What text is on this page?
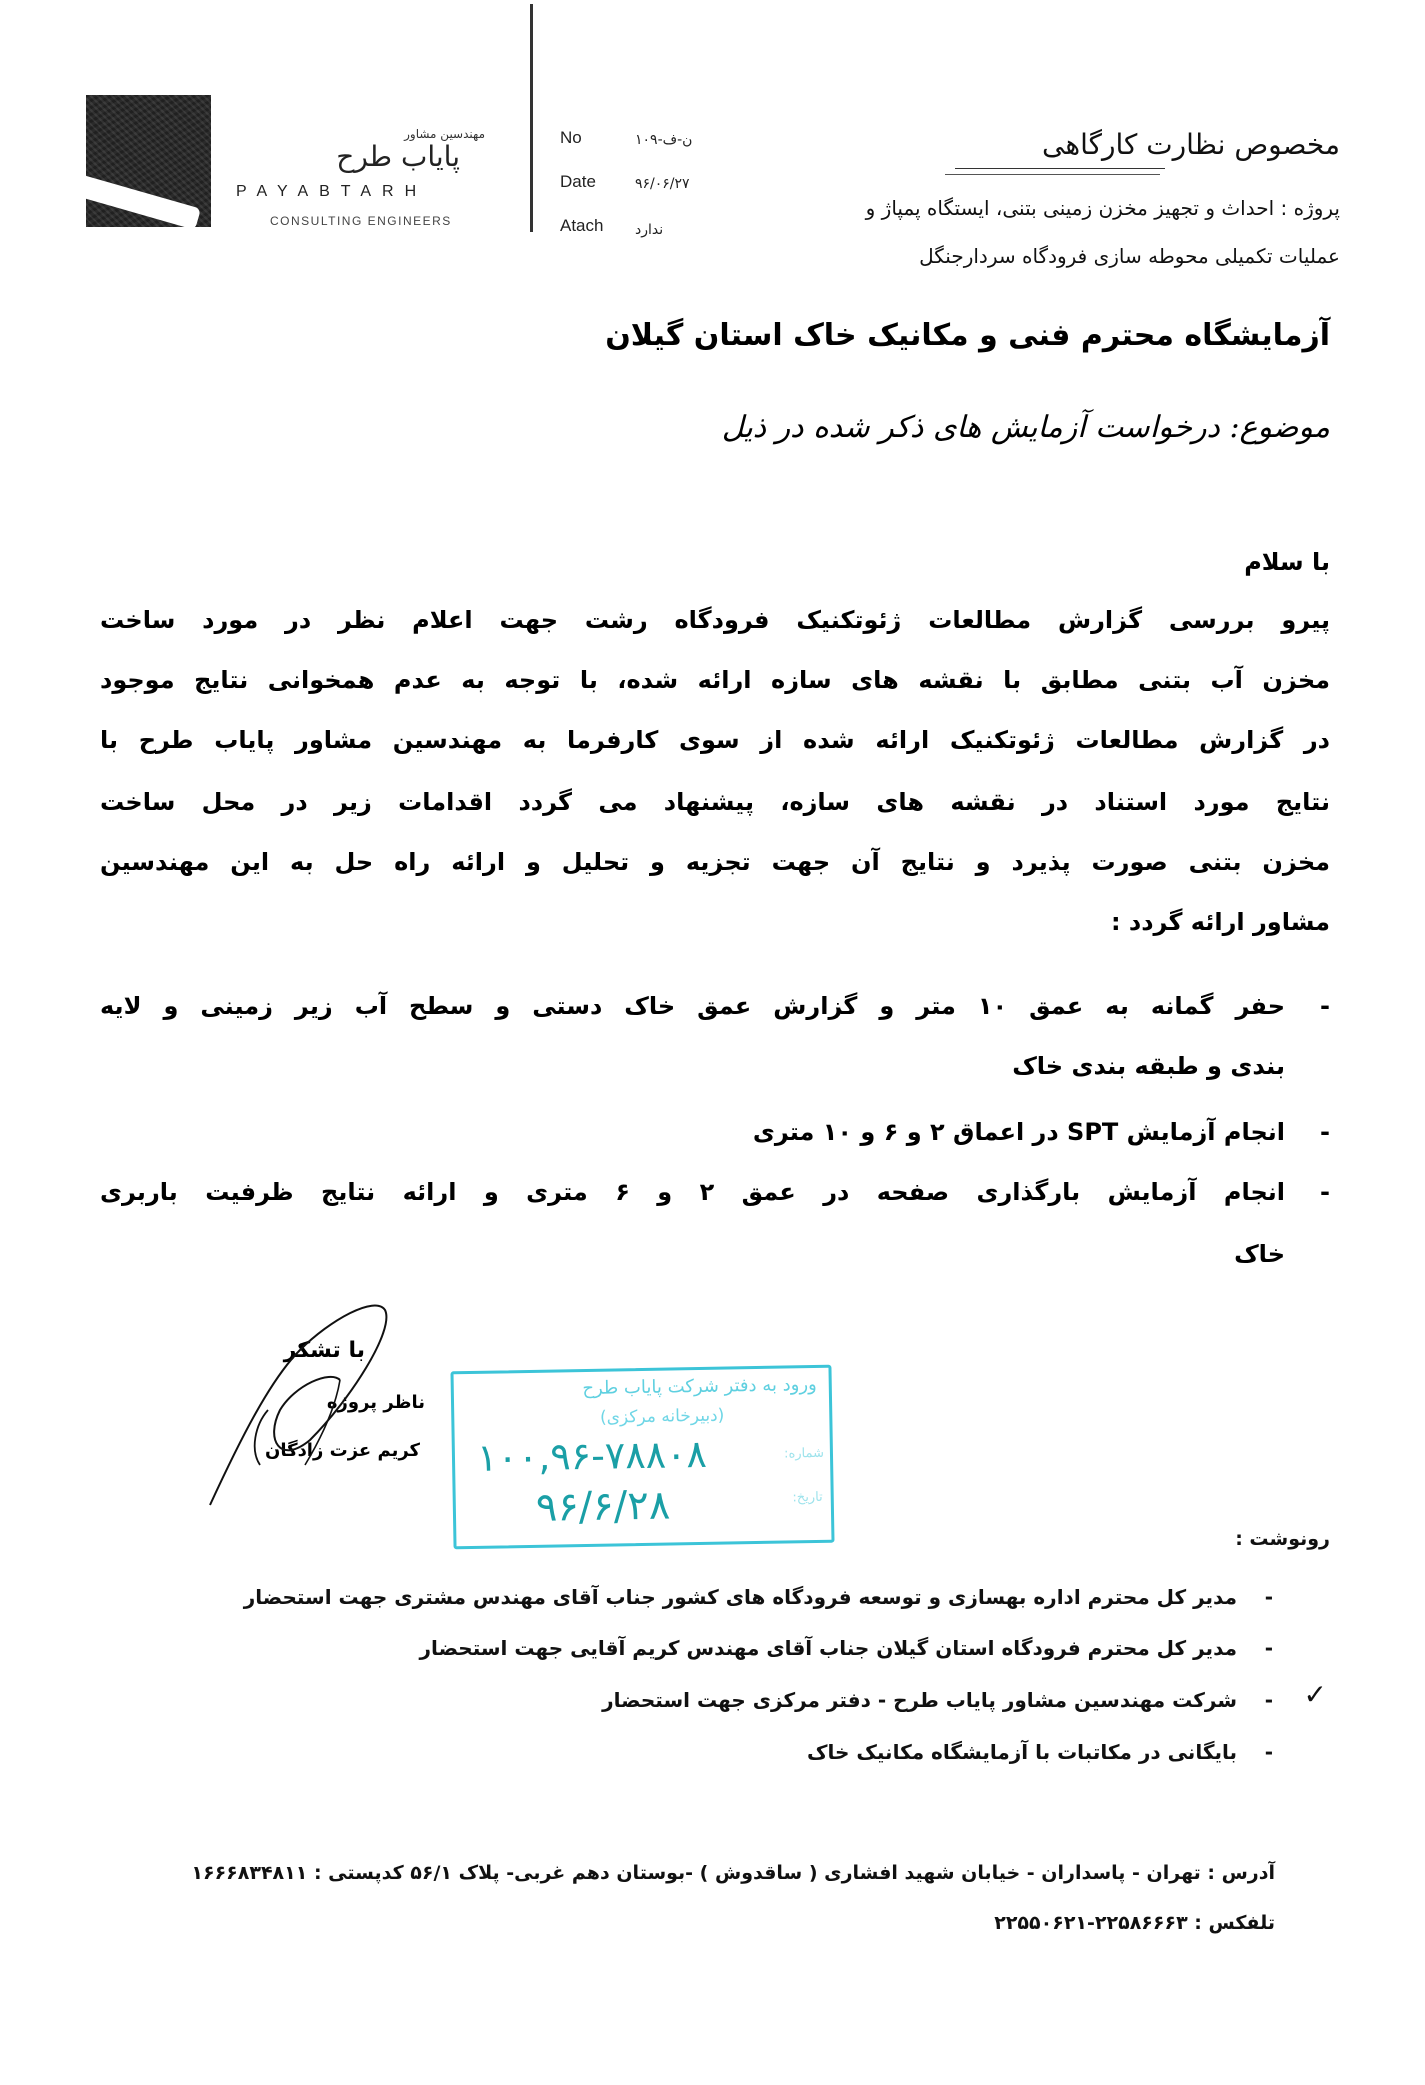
مهندسین مشاور
پایاب طرح
PAYABTARH
CONSULTING ENGINEERS
No	ن-ف-۱۰۹
Date	۹۶/۰۶/۲۷
Atach ندارد
مخصوص نظارت کارگاهی
پروژه : احداث و تجهیز مخزن زمینی بتنی، ایستگاه پمپاژ و
عملیات تکمیلی محوطه سازی فرودگاه سردارجنگل
آزمایشگاه محترم فنی و مکانیک خاک استان گیلان
موضوع: درخواست آزمایش های ذکر شده در ذیل
با سلام
پیرو بررسی گزارش مطالعات ژئوتکنیک فرودگاه رشت جهت اعلام نظر در مورد ساخت
مخزن آب بتنی مطابق با نقشه های سازه ارائه شده، با توجه به عدم همخوانی نتایج موجود
در گزارش مطالعات ژئوتکنیک ارائه شده از سوی کارفرما به مهندسین مشاور پایاب طرح با
نتایج مورد استناد در نقشه های سازه، پیشنهاد می گردد اقدامات زیر در محل ساخت
مخزن بتنی صورت پذیرد و نتایج آن جهت تجزیه و تحلیل و ارائه راه حل به این مهندسین
مشاور ارائه گردد :
-
حفر گمانه به عمق ۱۰ متر و گزارش عمق خاک دستی و سطح آب زیر زمینی و لایه
بندی و طبقه بندی خاک
-
انجام آزمایش SPT در اعماق ۲ و ۶ و ۱۰ متری
-
انجام آزمایش بارگذاری صفحه در عمق ۲ و ۶ متری و ارائه نتایج ظرفیت باربری
خاک
با تشکر
ناظر پروژه
کریم عزت زادگان
ورود به دفتر شرکت پایاب طرح
(دبیرخانه مرکزی)
شماره:
۱۰۰,۹۶-۷۸۸۰۸
تاریخ:
۹۶/۶/۲۸
رونوشت :
-
مدیر کل محترم اداره بهسازی و توسعه فرودگاه های کشور جناب آقای مهندس مشتری جهت استحضار
-
مدیر کل محترم فرودگاه استان گیلان جناب آقای مهندس کریم آقایی جهت استحضار
✓
-
شرکت مهندسین مشاور پایاب طرح - دفتر مرکزی جهت استحضار
-
بایگانی در مکاتبات با آزمایشگاه مکانیک خاک
آدرس : تهران - پاسداران - خیابان شهید افشاری ( ساقدوش ) -بوستان دهم غربی- پلاک ۵۶/۱ کدپستی : ۱۶۶۶۸۳۴۸۱۱
تلفکس : ۲۲۵۸۶۶۶۳-۲۲۵۵۰۶۲۱
